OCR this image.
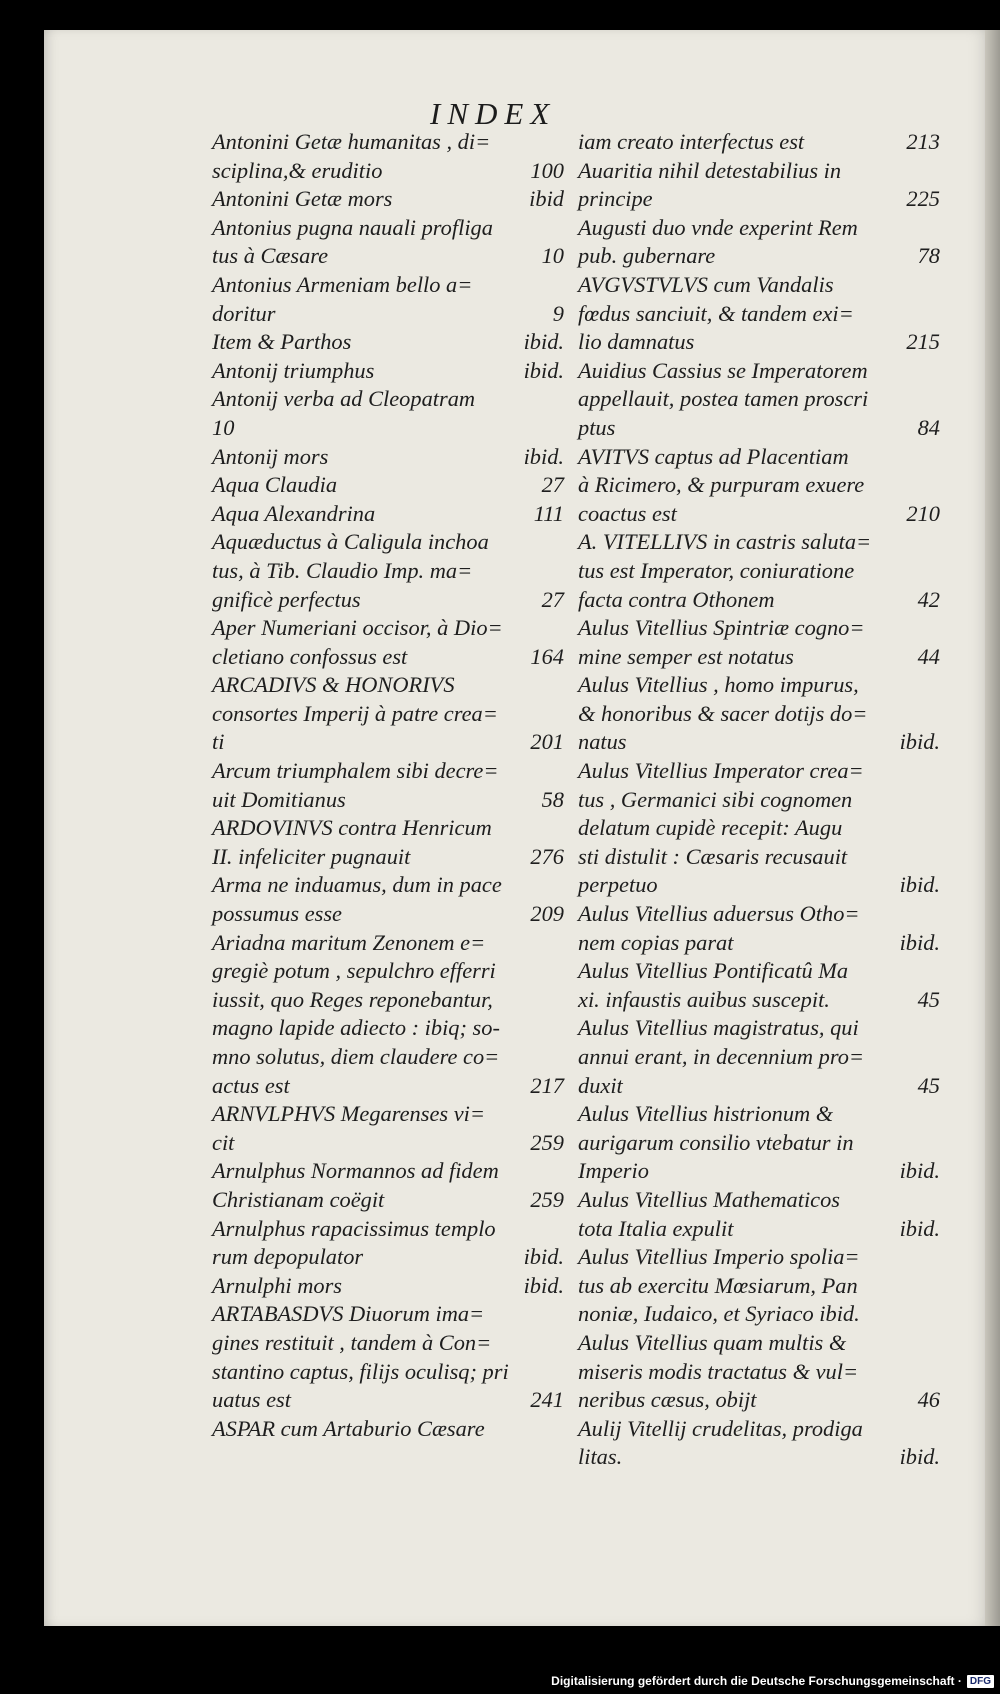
INDEX
Antonini Getæ humanitas , di=
sciplina,& eruditio	100
Antonini Getæ mors	ibid
Antonius pugna nauali profliga
tus à Cæsare	10
Antonius Armeniam bello a=
doritur	9
Item & Parthos	ibid.
Antonij triumphus	ibid.
Antonij verba ad Cleopatram
10
Antonij mors	ibid.
Aqua Claudia	27
Aqua Alexandrina	111
Aquæductus à Caligula inchoa
tus, à Tib. Claudio Imp. ma=
gnificè perfectus	27
Aper Numeriani occisor, à Dio=
cletiano confossus est	164
ARCADIVS & HONORIVS
consortes Imperij à patre crea=
ti	201
Arcum triumphalem sibi decre=
uit Domitianus	58
ARDOVINVS contra Henricum
II. infeliciter pugnauit	276
Arma ne induamus, dum in pace
possumus esse	209
Ariadna maritum Zenonem e=
gregiè potum , sepulchro efferri
iussit, quo Reges reponebantur,
magno lapide adiecto : ibiq; so-
mno solutus, diem claudere co=
actus est	217
ARNVLPHVS Megarenses vi=
cit	259
Arnulphus Normannos ad fidem
Christianam coëgit	259
Arnulphus rapacissimus templo
rum depopulator	ibid.
Arnulphi mors	ibid.
ARTABASDVS Diuorum ima=
gines restituit , tandem à Con=
stantino captus, filijs oculisq; pri
uatus est	241
ASPAR cum Artaburio Cæsare
iam creato interfectus est	213
Auaritia nihil detestabilius in
principe	225
Augusti duo vnde experint Rem
pub. gubernare	78
AVGVSTVLVS cum Vandalis
fœdus sanciuit, & tandem exi=
lio damnatus	215
Auidius Cassius se Imperatorem
appellauit, postea tamen proscri
ptus	84
AVITVS captus ad Placentiam
à Ricimero, & purpuram exuere
coactus est	210
A. VITELLIVS in castris saluta=
tus est Imperator, coniuratione
facta contra Othonem	42
Aulus Vitellius Spintriæ cogno=
mine semper est notatus	44
Aulus Vitellius , homo impurus,
& honoribus & sacer dotijs do=
natus	ibid.
Aulus Vitellius Imperator crea=
tus , Germanici sibi cognomen
delatum cupidè recepit: Augu
sti distulit : Cæsaris recusauit
perpetuo	ibid.
Aulus Vitellius aduersus Otho=
nem copias parat	ibid.
Aulus Vitellius Pontificatû Ma
xi. infaustis auibus suscepit.	45
Aulus Vitellius magistratus, qui
annui erant, in decennium pro=
duxit	45
Aulus Vitellius histrionum &
aurigarum consilio vtebatur in
Imperio	ibid.
Aulus Vitellius Mathematicos
tota Italia expulit	ibid.
Aulus Vitellius Imperio spolia=
tus ab exercitu Mœsiarum, Pan
noniæ, Iudaico, et Syriaco ibid.
Aulus Vitellius quam multis &
miseris modis tractatus & vul=
neribus cæsus, obijt	46
Aulij Vitellij crudelitas, prodiga
litas.	ibid.
Digitalisierung gefördert durch die Deutsche Forschungsgemeinschaft · DFG
